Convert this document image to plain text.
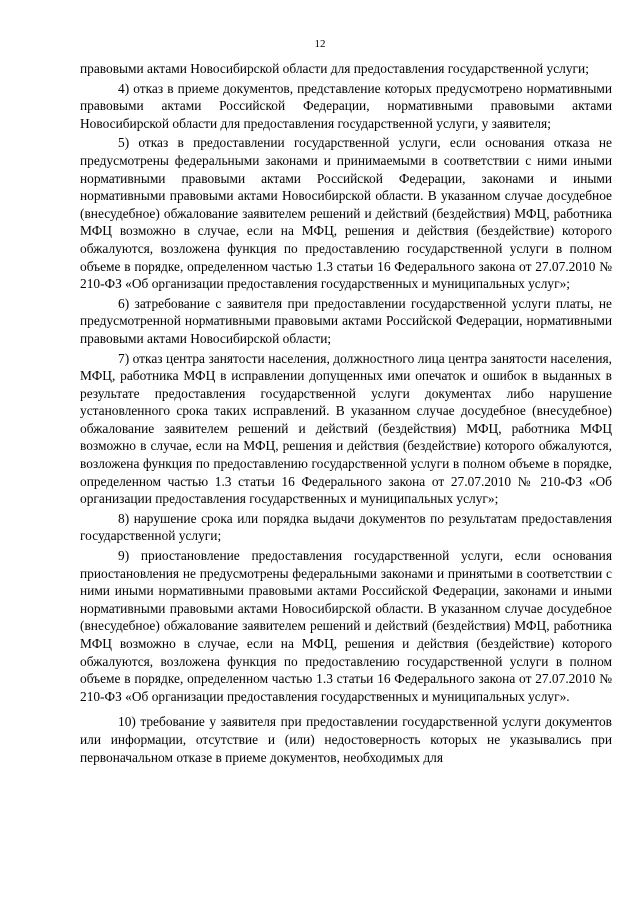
12

правовыми актами Новосибирской области для предоставления государственной услуги;

4) отказ в приеме документов, представление которых предусмотрено нормативными правовыми актами Российской Федерации, нормативными правовыми актами Новосибирской области для предоставления государственной услуги, у заявителя;

5) отказ в предоставлении государственной услуги, если основания отказа не предусмотрены федеральными законами и принимаемыми в соответствии с ними иными нормативными правовыми актами Российской Федерации, законами и иными нормативными правовыми актами Новосибирской области. В указанном случае досудебное (внесудебное) обжалование заявителем решений и действий (бездействия) МФЦ, работника МФЦ возможно в случае, если на МФЦ, решения и действия (бездействие) которого обжалуются, возложена функция по предоставлению государственной услуги в полном объеме в порядке, определенном частью 1.3 статьи 16 Федерального закона от 27.07.2010 № 210-ФЗ «Об организации предоставления государственных и муниципальных услуг»;

6) затребование с заявителя при предоставлении государственной услуги платы, не предусмотренной нормативными правовыми актами Российской Федерации, нормативными правовыми актами Новосибирской области;

7) отказ центра занятости населения, должностного лица центра занятости населения, МФЦ, работника МФЦ в исправлении допущенных ими опечаток и ошибок в выданных в результате предоставления государственной услуги документах либо нарушение установленного срока таких исправлений. В указанном случае досудебное (внесудебное) обжалование заявителем решений и действий (бездействия) МФЦ, работника МФЦ возможно в случае, если на МФЦ, решения и действия (бездействие) которого обжалуются, возложена функция по предоставлению государственной услуги в полном объеме в порядке, определенном частью 1.3 статьи 16 Федерального закона от 27.07.2010 № 210-ФЗ «Об организации предоставления государственных и муниципальных услуг»;

8) нарушение срока или порядка выдачи документов по результатам предоставления государственной услуги;

9) приостановление предоставления государственной услуги, если основания приостановления не предусмотрены федеральными законами и принятыми в соответствии с ними иными нормативными правовыми актами Российской Федерации, законами и иными нормативными правовыми актами Новосибирской области. В указанном случае досудебное (внесудебное) обжалование заявителем решений и действий (бездействия) МФЦ, работника МФЦ возможно в случае, если на МФЦ, решения и действия (бездействие) которого обжалуются, возложена функция по предоставлению государственной услуги в полном объеме в порядке, определенном частью 1.3 статьи 16 Федерального закона от 27.07.2010 № 210-ФЗ «Об организации предоставления государственных и муниципальных услуг».

10) требование у заявителя при предоставлении государственной услуги документов или информации, отсутствие и (или) недостоверность которых не указывались при первоначальном отказе в приеме документов, необходимых для
